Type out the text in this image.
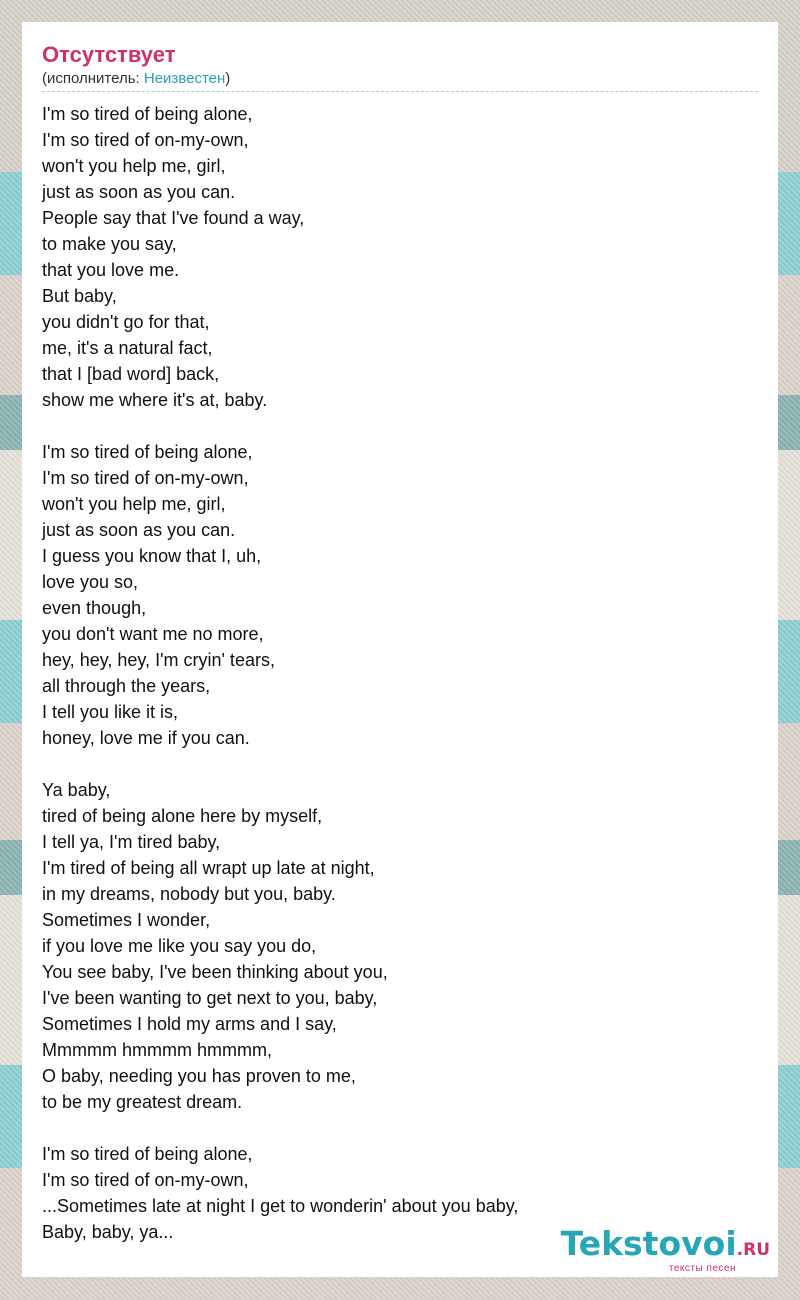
Отсутствует
(исполнитель: Неизвестен)
I'm so tired of being alone,
I'm so tired of on-my-own,
won't you help me, girl,
just as soon as you can.
People say that I've found a way,
to make you say,
that you love me.
But baby,
you didn't go for that,
me, it's a natural fact,
that I [bad word] back,
show me where it's at, baby.
I'm so tired of being alone,
I'm so tired of on-my-own,
won't you help me, girl,
just as soon as you can.
I guess you know that I, uh,
love you so,
even though,
you don't want me no more,
hey, hey, hey, I'm cryin' tears,
all through the years,
I tell you like it is,
honey, love me if you can.
Ya baby,
tired of being alone here by myself,
I tell ya, I'm tired baby,
I'm tired of being all wrapt up late at night,
in my dreams, nobody but you, baby.
Sometimes I wonder,
if you love me like you say you do,
You see baby, I've been thinking about you,
I've been wanting to get next to you, baby,
Sometimes I hold my arms and I say,
Mmmmm hmmmm hmmmm,
O baby, needing you has proven to me,
to be my greatest dream.
I'm so tired of being alone,
I'm so tired of on-my-own,
...Sometimes late at night I get to wonderin' about you baby,
Baby, baby, ya...	Tekstovoi.RU
тексты песен
